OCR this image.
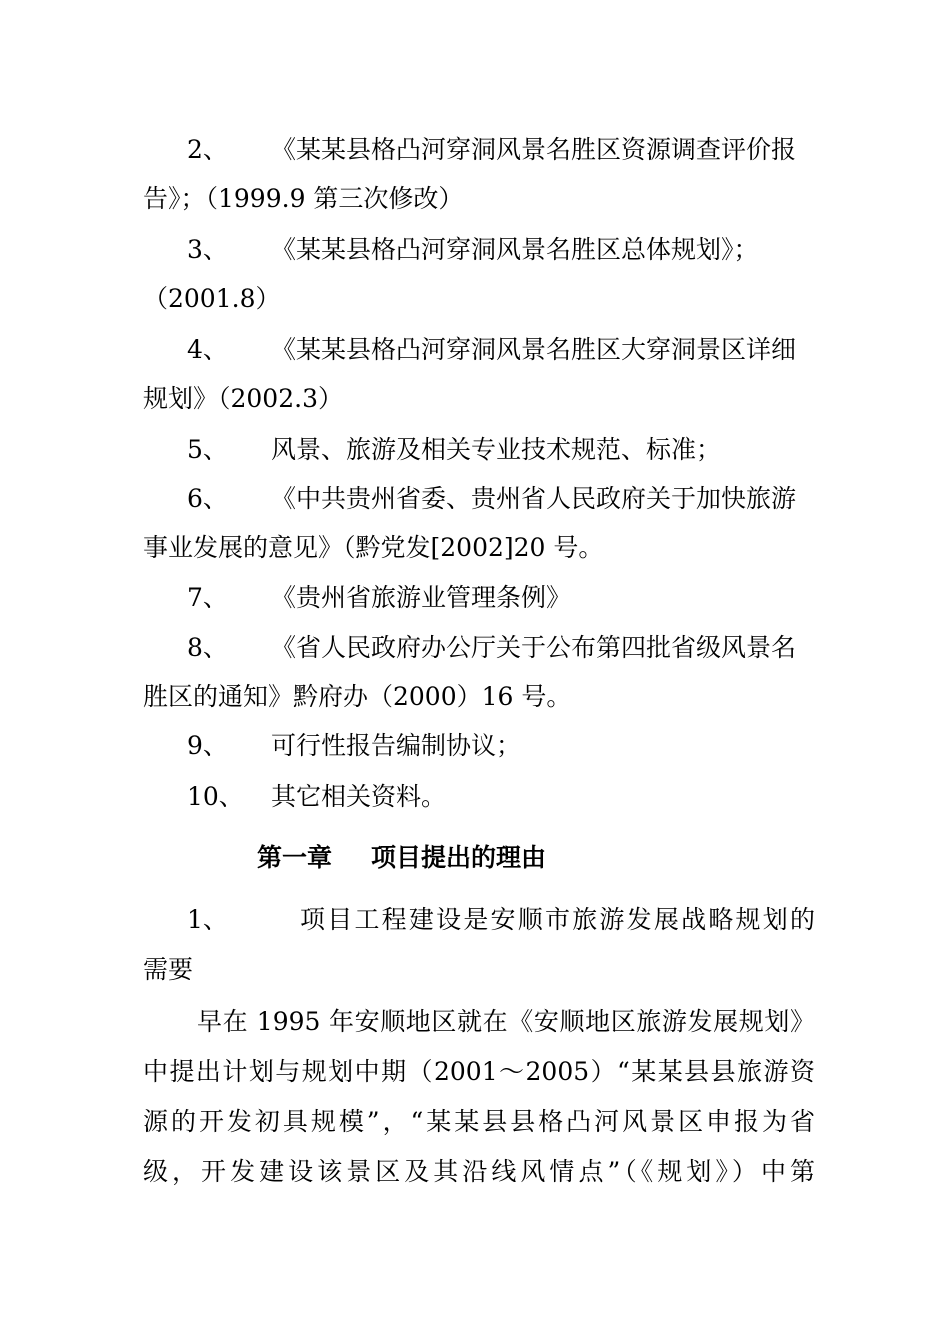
2、 《某某县格凸河穿洞风景名胜区资源调查评价报
告》；（1999.9 第三次修改）
3、 《某某县格凸河穿洞风景名胜区总体规划》；
（2001.8）
4、 《某某县格凸河穿洞风景名胜区大穿洞景区详细
规划》（2002.3）
5、 风景、旅游及相关专业技术规范、标准；
6、 《中共贵州省委、贵州省人民政府关于加快旅游
事业发展的意见》（黔党发[2002]20 号。
7、 《贵州省旅游业管理条例》
8、 《省人民政府办公厅关于公布第四批省级风景名
胜区的通知》黔府办（2000）16 号。
9、 可行性报告编制协议；
10、 其它相关资料。
第一章 项目提出的理由
1、	项目工程建设是安顺市旅游发展战略规划的
需要
早在 1995 年安顺地区就在《安顺地区旅游发展规划》
中提出计划与规划中期（2001～2005）“某某县县旅游资
源的开发初具规模”，“某某县县格凸河风景区申报为省
级，开发建设该景区及其沿线风情点”（《规划》）中第
